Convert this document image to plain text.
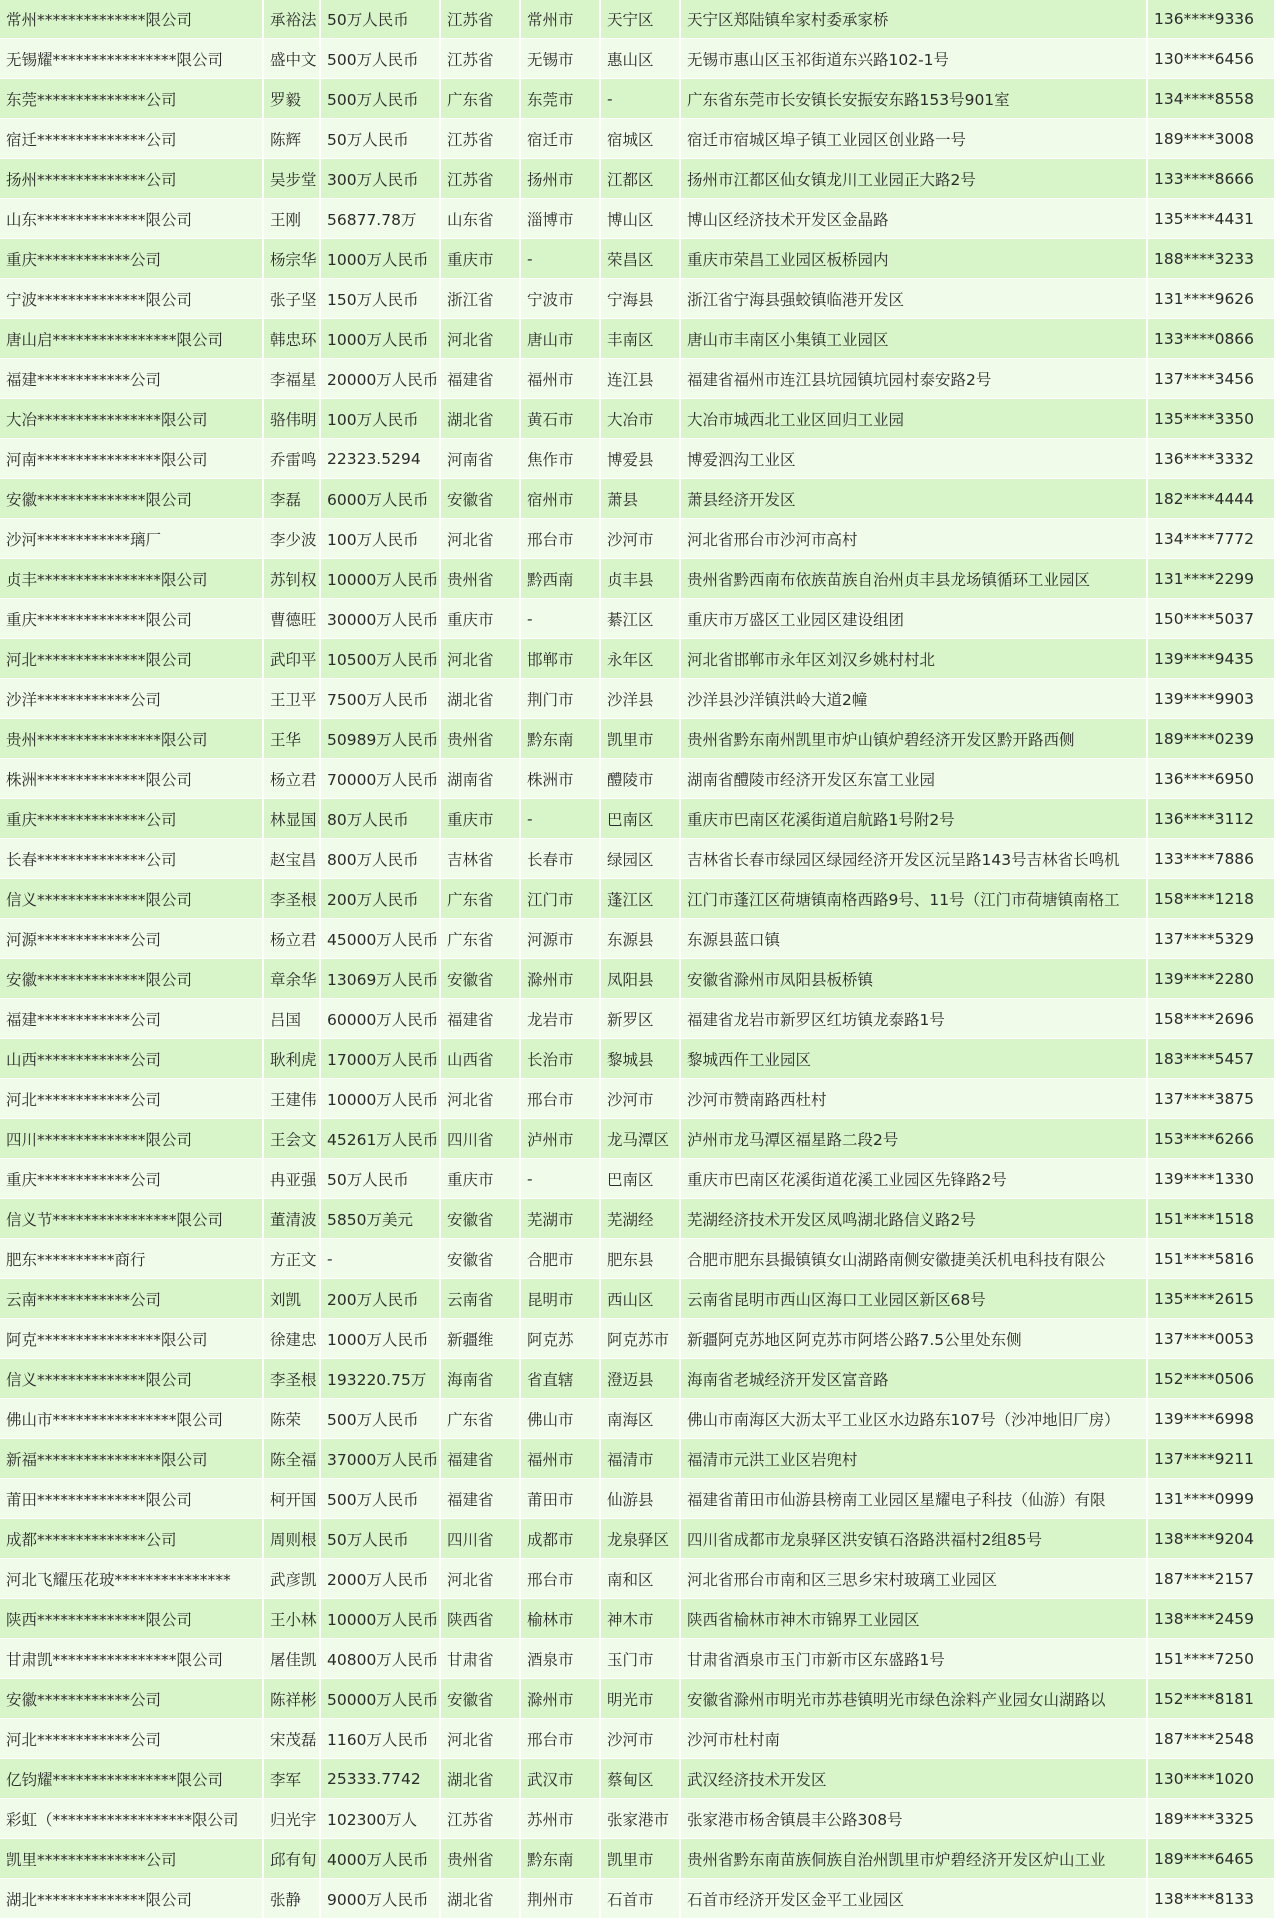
常州**************限公司	承裕法	50万人民币	江苏省	常州市	天宁区	天宁区郑陆镇牟家村委承家桥	136****9336
无锡耀****************限公司	盛中文	500万人民币	江苏省	无锡市	惠山区	无锡市惠山区玉祁街道东兴路102-1号	130****6456
东莞**************公司	罗毅	500万人民币	广东省	东莞市	-	广东省东莞市长安镇长安振安东路153号901室	134****8558
宿迁**************公司	陈辉	50万人民币	江苏省	宿迁市	宿城区	宿迁市宿城区埠子镇工业园区创业路一号	189****3008
扬州**************公司	吴步堂	300万人民币	江苏省	扬州市	江都区	扬州市江都区仙女镇龙川工业园正大路2号	133****8666
山东**************限公司	王刚	56877.78万	山东省	淄博市	博山区	博山区经济技术开发区金晶路	135****4431
重庆************公司	杨宗华	1000万人民币	重庆市	-	荣昌区	重庆市荣昌工业园区板桥园内	188****3233
宁波**************限公司	张子坚	150万人民币	浙江省	宁波市	宁海县	浙江省宁海县强蛟镇临港开发区	131****9626
唐山启****************限公司	韩忠环	1000万人民币	河北省	唐山市	丰南区	唐山市丰南区小集镇工业园区	133****0866
福建************公司	李福星	20000万人民币	福建省	福州市	连江县	福建省福州市连江县坑园镇坑园村泰安路2号	137****3456
大冶****************限公司	骆伟明	100万人民币	湖北省	黄石市	大冶市	大冶市城西北工业区回归工业园	135****3350
河南****************限公司	乔雷鸣	22323.5294	河南省	焦作市	博爱县	博爱泗沟工业区	136****3332
安徽**************限公司	李磊	6000万人民币	安徽省	宿州市	萧县	萧县经济开发区	182****4444
沙河************璃厂	李少波	100万人民币	河北省	邢台市	沙河市	河北省邢台市沙河市高村	134****7772
贞丰****************限公司	苏钊权	10000万人民币	贵州省	黔西南	贞丰县	贵州省黔西南布依族苗族自治州贞丰县龙场镇循环工业园区	131****2299
重庆**************限公司	曹德旺	30000万人民币	重庆市	-	綦江区	重庆市万盛区工业园区建设组团	150****5037
河北**************限公司	武印平	10500万人民币	河北省	邯郸市	永年区	河北省邯郸市永年区刘汉乡姚村村北	139****9435
沙洋************公司	王卫平	7500万人民币	湖北省	荆门市	沙洋县	沙洋县沙洋镇洪岭大道2幢	139****9903
贵州****************限公司	王华	50989万人民币	贵州省	黔东南	凯里市	贵州省黔东南州凯里市炉山镇炉碧经济开发区黔开路西侧	189****0239
株洲**************限公司	杨立君	70000万人民币	湖南省	株洲市	醴陵市	湖南省醴陵市经济开发区东富工业园	136****6950
重庆**************公司	林显国	80万人民币	重庆市	-	巴南区	重庆市巴南区花溪街道启航路1号附2号	136****3112
长春**************公司	赵宝昌	800万人民币	吉林省	长春市	绿园区	吉林省长春市绿园区绿园经济开发区沅呈路143号吉林省长鸣机	133****7886
信义**************限公司	李圣根	200万人民币	广东省	江门市	蓬江区	江门市蓬江区荷塘镇南格西路9号、11号（江门市荷塘镇南格工	158****1218
河源************公司	杨立君	45000万人民币	广东省	河源市	东源县	东源县蓝口镇	137****5329
安徽**************限公司	章余华	13069万人民币	安徽省	滁州市	凤阳县	安徽省滁州市凤阳县板桥镇	139****2280
福建************公司	吕国	60000万人民币	福建省	龙岩市	新罗区	福建省龙岩市新罗区红坊镇龙泰路1号	158****2696
山西************公司	耿利虎	17000万人民币	山西省	长治市	黎城县	黎城西仵工业园区	183****5457
河北************公司	王建伟	10000万人民币	河北省	邢台市	沙河市	沙河市赞南路西杜村	137****3875
四川**************限公司	王会文	45261万人民币	四川省	泸州市	龙马潭区	泸州市龙马潭区福星路二段2号	153****6266
重庆************公司	冉亚强	50万人民币	重庆市	-	巴南区	重庆市巴南区花溪街道花溪工业园区先锋路2号	139****1330
信义节****************限公司	董清波	5850万美元	安徽省	芜湖市	芜湖经	芜湖经济技术开发区凤鸣湖北路信义路2号	151****1518
肥东**********商行	方正文	-	安徽省	合肥市	肥东县	合肥市肥东县撮镇镇女山湖路南侧安徽捷美沃机电科技有限公	151****5816
云南************公司	刘凯	200万人民币	云南省	昆明市	西山区	云南省昆明市西山区海口工业园区新区68号	135****2615
阿克****************限公司	徐建忠	1000万人民币	新疆维	阿克苏	阿克苏市	新疆阿克苏地区阿克苏市阿塔公路7.5公里处东侧	137****0053
信义**************限公司	李圣根	193220.75万	海南省	省直辖	澄迈县	海南省老城经济开发区富音路	152****0506
佛山市****************限公司	陈荣	500万人民币	广东省	佛山市	南海区	佛山市南海区大沥太平工业区水边路东107号（沙冲地旧厂房）	139****6998
新福****************限公司	陈全福	37000万人民币	福建省	福州市	福清市	福清市元洪工业区岩兜村	137****9211
莆田**************限公司	柯开国	500万人民币	福建省	莆田市	仙游县	福建省莆田市仙游县榜南工业园区星耀电子科技（仙游）有限	131****0999
成都**************公司	周则根	50万人民币	四川省	成都市	龙泉驿区	四川省成都市龙泉驿区洪安镇石洛路洪福村2组85号	138****9204
河北飞耀压花玻***************	武彦凯	2000万人民币	河北省	邢台市	南和区	河北省邢台市南和区三思乡宋村玻璃工业园区	187****2157
陕西**************限公司	王小林	10000万人民币	陕西省	榆林市	神木市	陕西省榆林市神木市锦界工业园区	138****2459
甘肃凯****************限公司	屠佳凯	40800万人民币	甘肃省	酒泉市	玉门市	甘肃省酒泉市玉门市新市区东盛路1号	151****7250
安徽************公司	陈祥彬	50000万人民币	安徽省	滁州市	明光市	安徽省滁州市明光市苏巷镇明光市绿色涂料产业园女山湖路以	152****8181
河北************公司	宋茂磊	1160万人民币	河北省	邢台市	沙河市	沙河市杜村南	187****2548
亿钧耀****************限公司	李军	25333.7742	湖北省	武汉市	蔡甸区	武汉经济技术开发区	130****1020
彩虹（******************限公司	归光宇	102300万人	江苏省	苏州市	张家港市	张家港市杨舍镇晨丰公路308号	189****3325
凯里**************公司	邱有旬	4000万人民币	贵州省	黔东南	凯里市	贵州省黔东南苗族侗族自治州凯里市炉碧经济开发区炉山工业	189****6465
湖北**************限公司	张静	9000万人民币	湖北省	荆州市	石首市	石首市经济开发区金平工业园区	138****8133
